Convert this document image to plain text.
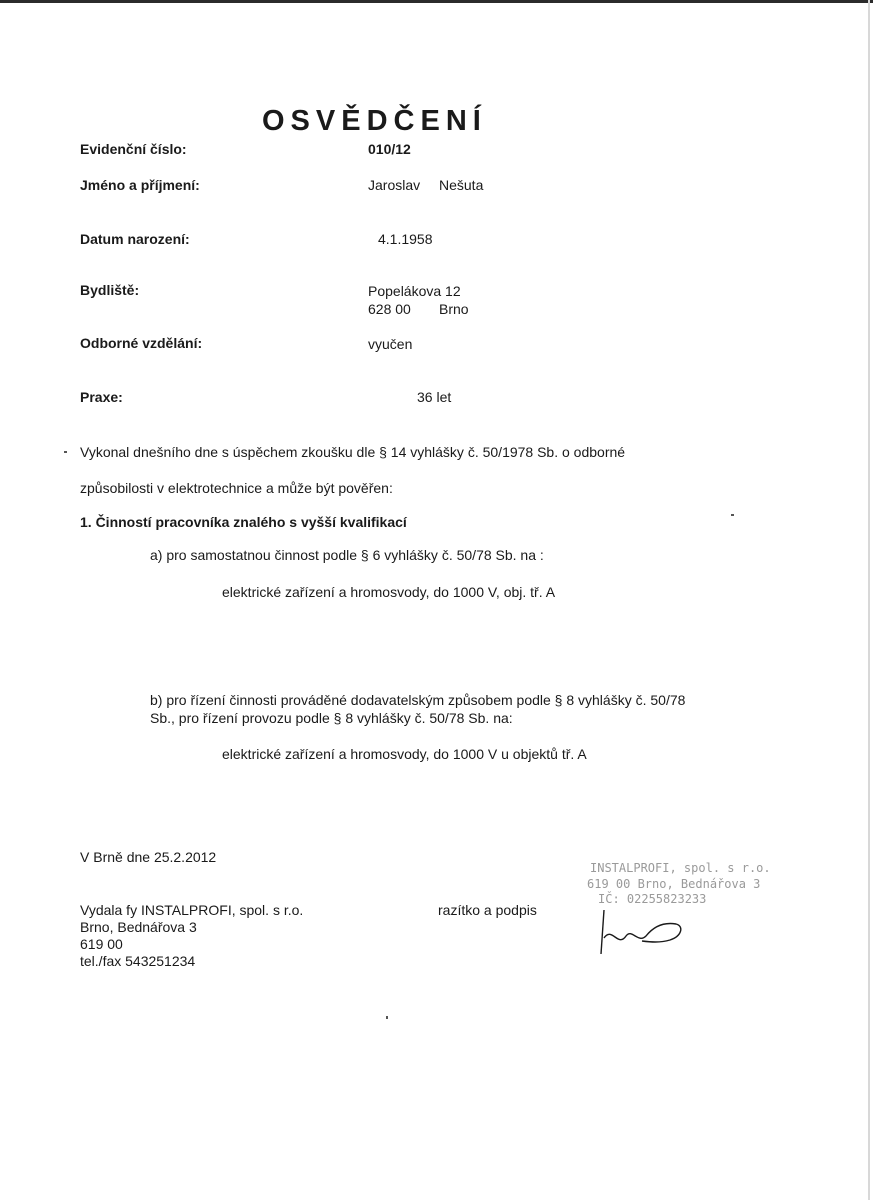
OSVĚDČENÍ
Evidenční číslo:	010/12
Jméno a příjmení:	Jaroslav Nešuta
Datum narození:	4.1.1958
Bydliště:	Popelákova 12
628 00 Brno
Odborné vzdělání:	vyučen
Praxe:	36 let
Vykonal dnešního dne s úspěchem zkoušku dle § 14 vyhlášky č. 50/1978 Sb. o odborné
způsobilosti v elektrotechnice a může být pověřen:
1. Činností pracovníka znalého s vyšší kvalifikací
a) pro samostatnou činnost podle § 6 vyhlášky č. 50/78 Sb. na :
elektrické zařízení a hromosvody, do 1000 V, obj. tř. A
b) pro řízení činnosti prováděné dodavatelským způsobem podle § 8 vyhlášky č. 50/78
Sb., pro řízení provozu podle § 8 vyhlášky č. 50/78 Sb. na:
elektrické zařízení a hromosvody, do 1000 V u objektů tř. A
V Brně dne 25.2.2012
Vydala fy INSTALPROFI, spol. s r.o.
Brno, Bednářova 3
619 00
tel./fax 543251234
razítko a podpis
INSTALPROFI, spol. s r.o.
619 00 Brno, Bednářova 3
IČ: 02255823233
